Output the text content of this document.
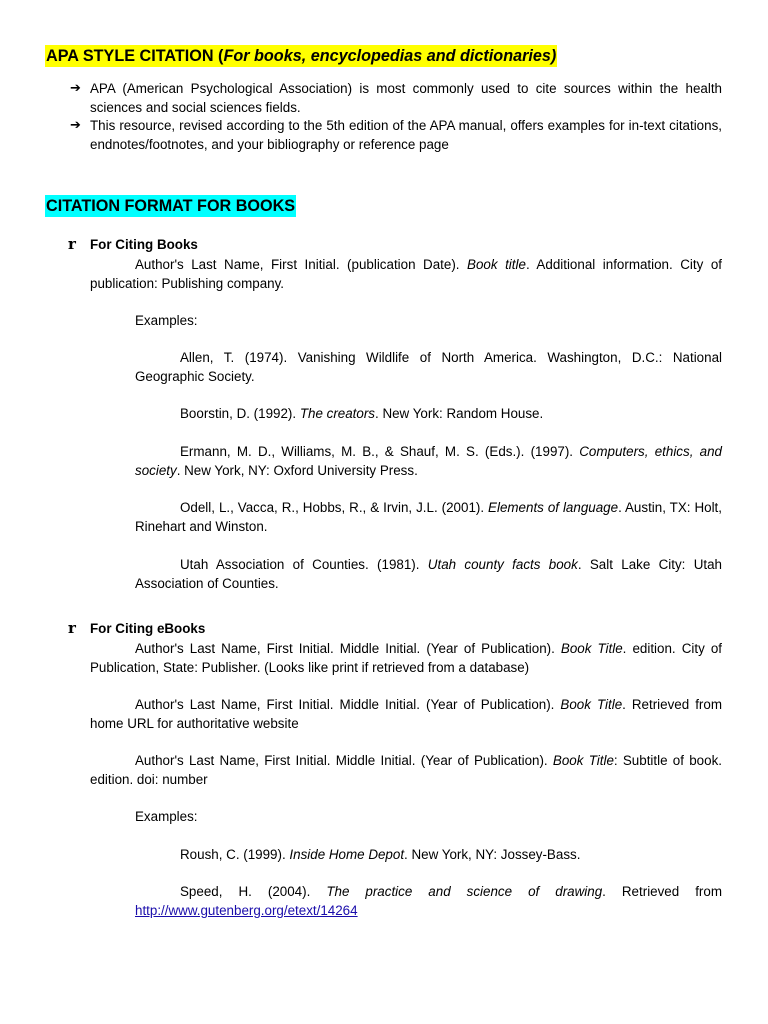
APA STYLE CITATION (For books, encyclopedias and dictionaries)
➔ APA (American Psychological Association) is most commonly used to cite sources within the health sciences and social sciences fields.
➔ This resource, revised according to the 5th edition of the APA manual, offers examples for in-text citations, endnotes/footnotes, and your bibliography or reference page
CITATION FORMAT FOR BOOKS
r For Citing Books
Author's Last Name, First Initial. (publication Date). Book title. Additional information. City of publication: Publishing company.
Examples:
Allen, T. (1974). Vanishing Wildlife of North America. Washington, D.C.: National Geographic Society.
Boorstin, D. (1992). The creators. New York: Random House.
Ermann, M. D., Williams, M. B., & Shauf, M. S. (Eds.). (1997). Computers, ethics, and society. New York, NY: Oxford University Press.
Odell, L., Vacca, R., Hobbs, R., & Irvin, J.L. (2001). Elements of language. Austin, TX: Holt, Rinehart and Winston.
Utah Association of Counties. (1981). Utah county facts book. Salt Lake City: Utah Association of Counties.
r For Citing eBooks
Author's Last Name, First Initial. Middle Initial. (Year of Publication). Book Title. edition. City of Publication, State: Publisher. (Looks like print if retrieved from a database)
Author's Last Name, First Initial. Middle Initial. (Year of Publication). Book Title. Retrieved from home URL for authoritative website
Author's Last Name, First Initial. Middle Initial. (Year of Publication). Book Title: Subtitle of book. edition. doi: number
Examples:
Roush, C. (1999). Inside Home Depot. New York, NY: Jossey-Bass.
Speed, H. (2004). The practice and science of drawing. Retrieved from http://www.gutenberg.org/etext/14264
